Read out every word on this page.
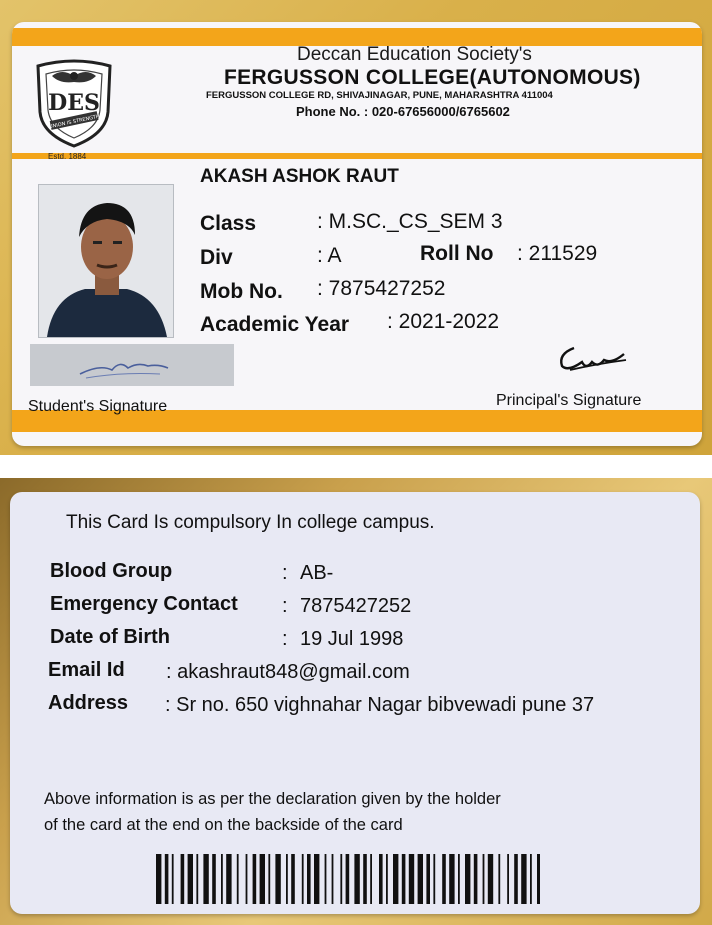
DES
UNION IS STRENGTH
Estd. 1884
Deccan Education Society's
FERGUSSON COLLEGE(AUTONOMOUS)
FERGUSSON COLLEGE RD, SHIVAJINAGAR, PUNE, MAHARASHTRA 411004
Phone No. : 020-67656000/6765602
AKASH ASHOK RAUT
Class	: M.SC._CS_SEM 3
Div	: A	Roll No : 211529
Mob No. : 7875427252
Academic Year : 2021-2022
Student's Signature	Principal's Signature
This Card Is compulsory In college campus.
Blood Group	: AB-
Emergency Contact : 7875427252
Date of Birth	: 19 Jul 1998
Email Id : akashraut848@gmail.com
Address : Sr no. 650 vighnahar Nagar bibvewadi pune 37
Above information is as per the declaration given by the holder
of the card at the end on the backside of the card
